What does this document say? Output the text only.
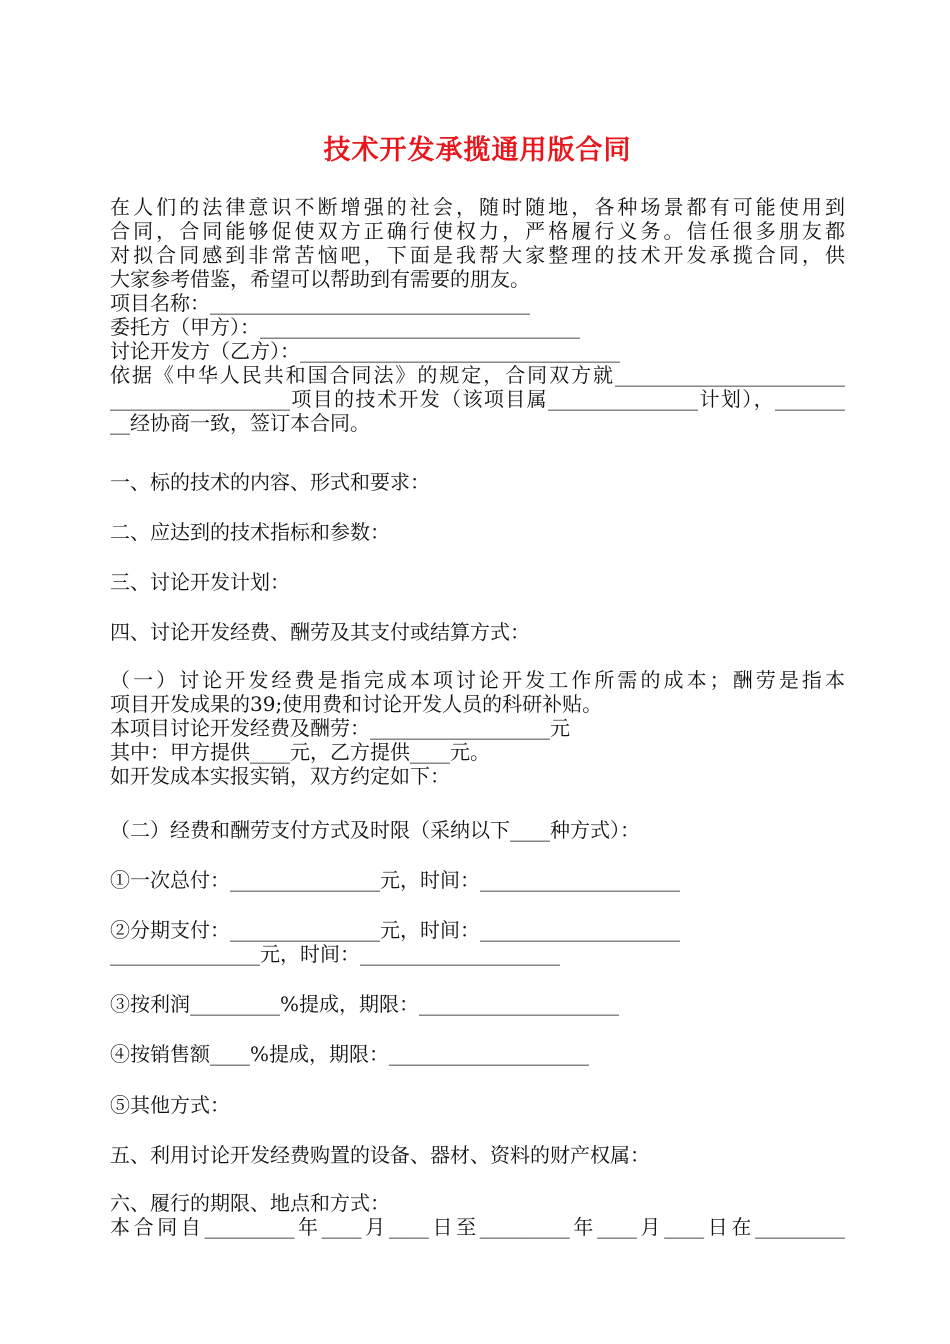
技术开发承揽通用版合同
在人们的法律意识不断增强的社会，随时随地，各种场景都有可能使用到
合同，合同能够促使双方正确行使权力，严格履行义务。信任很多朋友都
对拟合同感到非常苦恼吧，下面是我帮大家整理的技术开发承揽合同，供
大家参考借鉴，希望可以帮助到有需要的朋友。
项目名称：________________________________
委托方（甲方）：________________________________
讨论开发方（乙方）：________________________________
依据《中华人民共和国合同法》的规定，合同双方就_______________________
__________________项目的技术开发（该项目属_______________计划），_______
__经协商一致，签订本合同。
一、标的技术的内容、形式和要求：
二、应达到的技术指标和参数：
三、讨论开发计划：
四、讨论开发经费、酬劳及其支付或结算方式：
（一）讨论开发经费是指完成本项讨论开发工作所需的成本；酬劳是指本
项目开发成果的39;使用费和讨论开发人员的科研补贴。
本项目讨论开发经费及酬劳：__________________元
其中：甲方提供____元，乙方提供____元。
如开发成本实报实销，双方约定如下：
（二）经费和酬劳支付方式及时限（采纳以下____种方式）：
①一次总付：_______________元，时间：____________________
②分期支付：_______________元，时间：____________________
_______________元，时间：____________________
③按利润_________%提成，期限：____________________
④按销售额____%提成，期限：____________________
⑤其他方式：
五、利用讨论开发经费购置的设备、器材、资料的财产权属：
六、履行的期限、地点和方式：
本合同自_________年____月____日至_________年____月____日在_________
